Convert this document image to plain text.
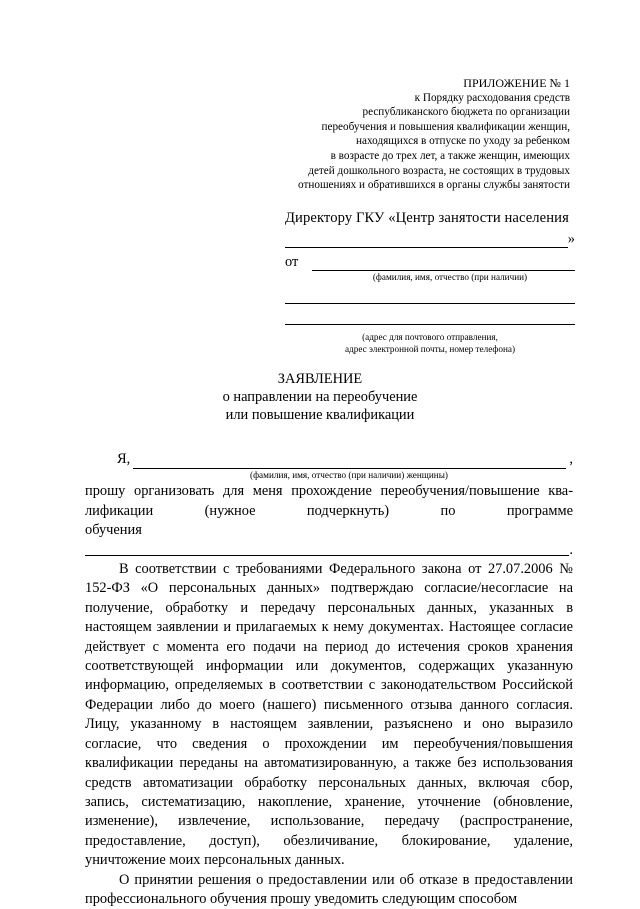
ПРИЛОЖЕНИЕ № 1
к Порядку расходования средств
республиканского бюджета по организации
переобучения и повышения квалификации женщин,
находящихся в отпуске по уходу за ребенком
в возрасте до трех лет, а также женщин, имеющих
детей дошкольного возраста, не состоящих в трудовых
отношениях и обратившихся в органы службы занятости
Директору ГКУ «Центр занятости населения
»
от
(фамилия, имя, отчество (при наличии)
(адрес для почтового отправления,
адрес электронной почты, номер телефона)
ЗАЯВЛЕНИЕ
о направлении на переобучение
или повышение квалификации
Я,	,
(фамилия, имя, отчество (при наличии) женщины)
прошу организовать для меня прохождение переобучения/повышение ква-
лификации (нужное подчеркнуть) по программе обучения
.
В соответствии с требованиями Федерального закона от 27.07.2006 № 152-ФЗ «О персональных данных» подтверждаю согласие/несогласие на получение, обработку и передачу персональных данных, указанных в настоящем заявлении и прилагаемых к нему документах. Настоящее согласие действует с момента его подачи на период до истечения сроков хранения соответствующей информации или документов, содержащих указанную информацию, определяемых в соответствии с законодательством Российской Федерации либо до моего (нашего) письменного отзыва данного согласия. Лицу, указанному в настоящем заявлении, разъяснено и оно выразило согласие, что сведения о прохождении им переобучения/повышения квалификации переданы на автоматизированную, а также без использования средств автоматизации обработку персональных данных, включая сбор, запись, систематизацию, накопление, хранение, уточнение (обновление, изменение), извлечение, использование, передачу (распространение, предоставление, доступ), обезличивание, блокирование, удаление, уничтожение моих персональных данных.
О принятии решения о предоставлении или об отказе в предоставлении профессионального обучения прошу уведомить следующим способом
